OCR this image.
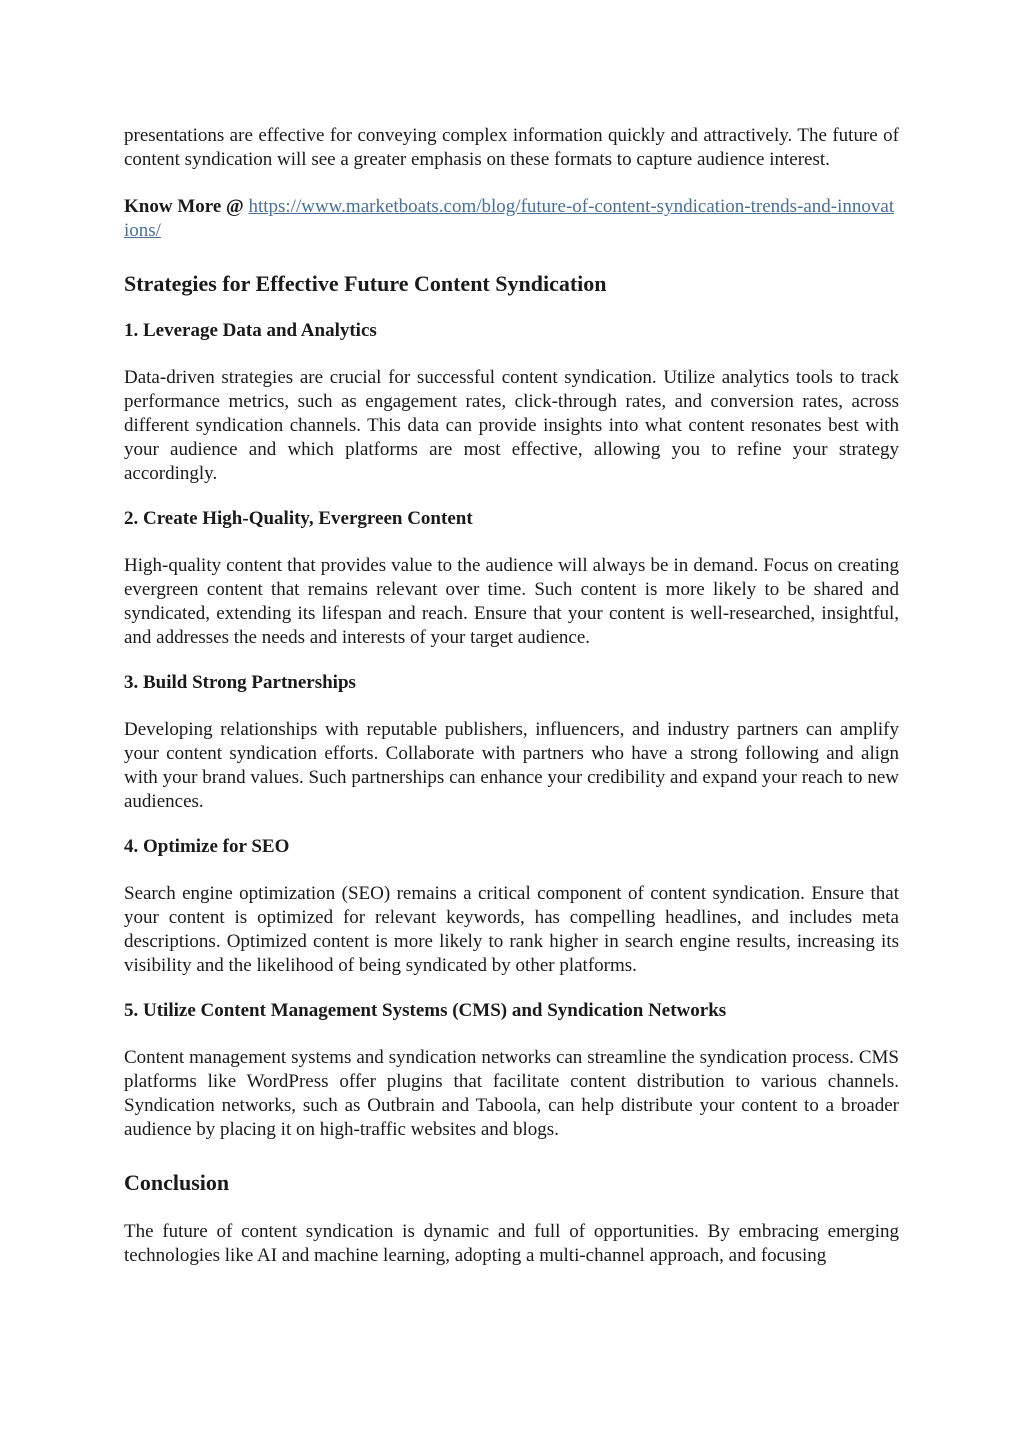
presentations are effective for conveying complex information quickly and attractively. The future of content syndication will see a greater emphasis on these formats to capture audience interest.

Know More @ https://www.marketboats.com/blog/future-of-content-syndication-trends-and-innovations/
Strategies for Effective Future Content Syndication
1. Leverage Data and Analytics

Data-driven strategies are crucial for successful content syndication. Utilize analytics tools to track performance metrics, such as engagement rates, click-through rates, and conversion rates, across different syndication channels. This data can provide insights into what content resonates best with your audience and which platforms are most effective, allowing you to refine your strategy accordingly.

2. Create High-Quality, Evergreen Content

High-quality content that provides value to the audience will always be in demand. Focus on creating evergreen content that remains relevant over time. Such content is more likely to be shared and syndicated, extending its lifespan and reach. Ensure that your content is well-researched, insightful, and addresses the needs and interests of your target audience.

3. Build Strong Partnerships

Developing relationships with reputable publishers, influencers, and industry partners can amplify your content syndication efforts. Collaborate with partners who have a strong following and align with your brand values. Such partnerships can enhance your credibility and expand your reach to new audiences.

4. Optimize for SEO

Search engine optimization (SEO) remains a critical component of content syndication. Ensure that your content is optimized for relevant keywords, has compelling headlines, and includes meta descriptions. Optimized content is more likely to rank higher in search engine results, increasing its visibility and the likelihood of being syndicated by other platforms.

5. Utilize Content Management Systems (CMS) and Syndication Networks

Content management systems and syndication networks can streamline the syndication process. CMS platforms like WordPress offer plugins that facilitate content distribution to various channels. Syndication networks, such as Outbrain and Taboola, can help distribute your content to a broader audience by placing it on high-traffic websites and blogs.

Conclusion

The future of content syndication is dynamic and full of opportunities. By embracing emerging technologies like AI and machine learning, adopting a multi-channel approach, and focusing
